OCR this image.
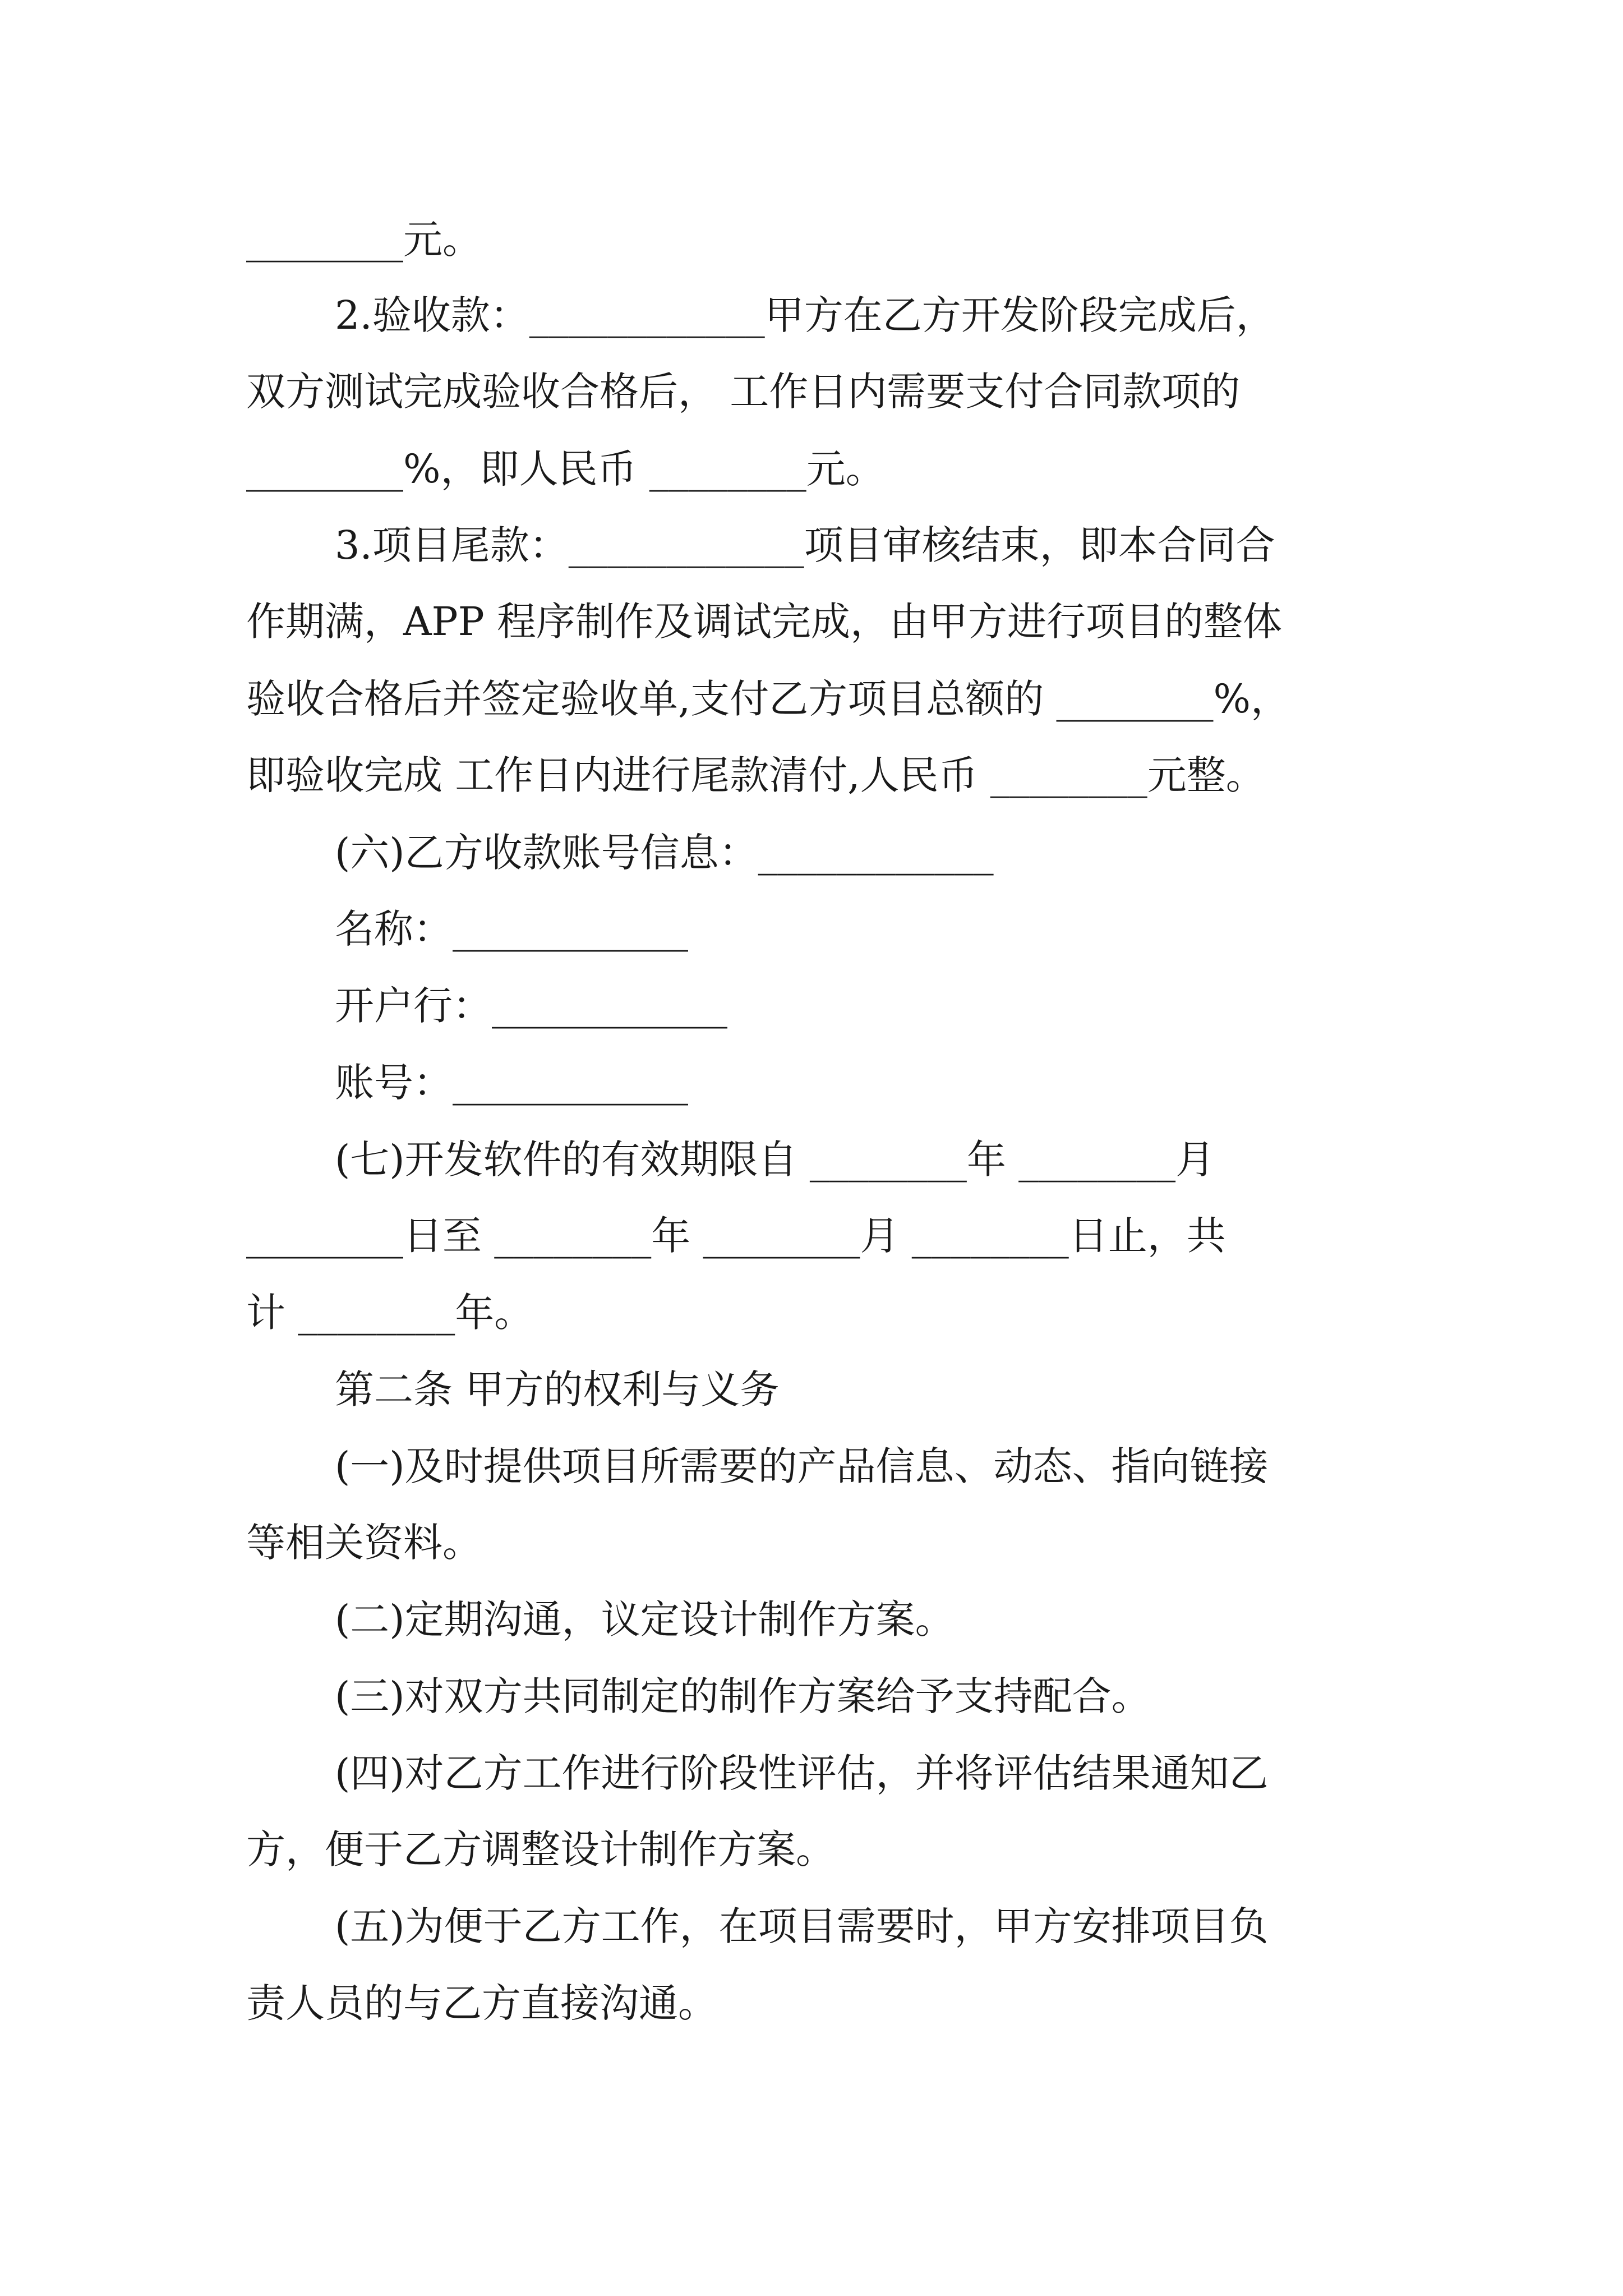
________元。
2.验收款：____________甲方在乙方开发阶段完成后，
双方测试完成验收合格后， 工作日内需要支付合同款项的
________%，即人民币 ________元。
3.项目尾款：____________项目审核结束，即本合同合
作期满，APP 程序制作及调试完成，由甲方进行项目的整体
验收合格后并签定验收单,支付乙方项目总额的 ________%，
即验收完成 工作日内进行尾款清付,人民币 ________元整。
(六)乙方收款账号信息：____________
名称：____________
开户行：____________
账号：____________
(七)开发软件的有效期限自 ________年 ________月
________日至 ________年 ________月 ________日止，共
计 ________年。
第二条 甲方的权利与义务
(一)及时提供项目所需要的产品信息、动态、指向链接
等相关资料。
(二)定期沟通，议定设计制作方案。
(三)对双方共同制定的制作方案给予支持配合。
(四)对乙方工作进行阶段性评估，并将评估结果通知乙
方，便于乙方调整设计制作方案。
(五)为便于乙方工作，在项目需要时，甲方安排项目负
责人员的与乙方直接沟通。
